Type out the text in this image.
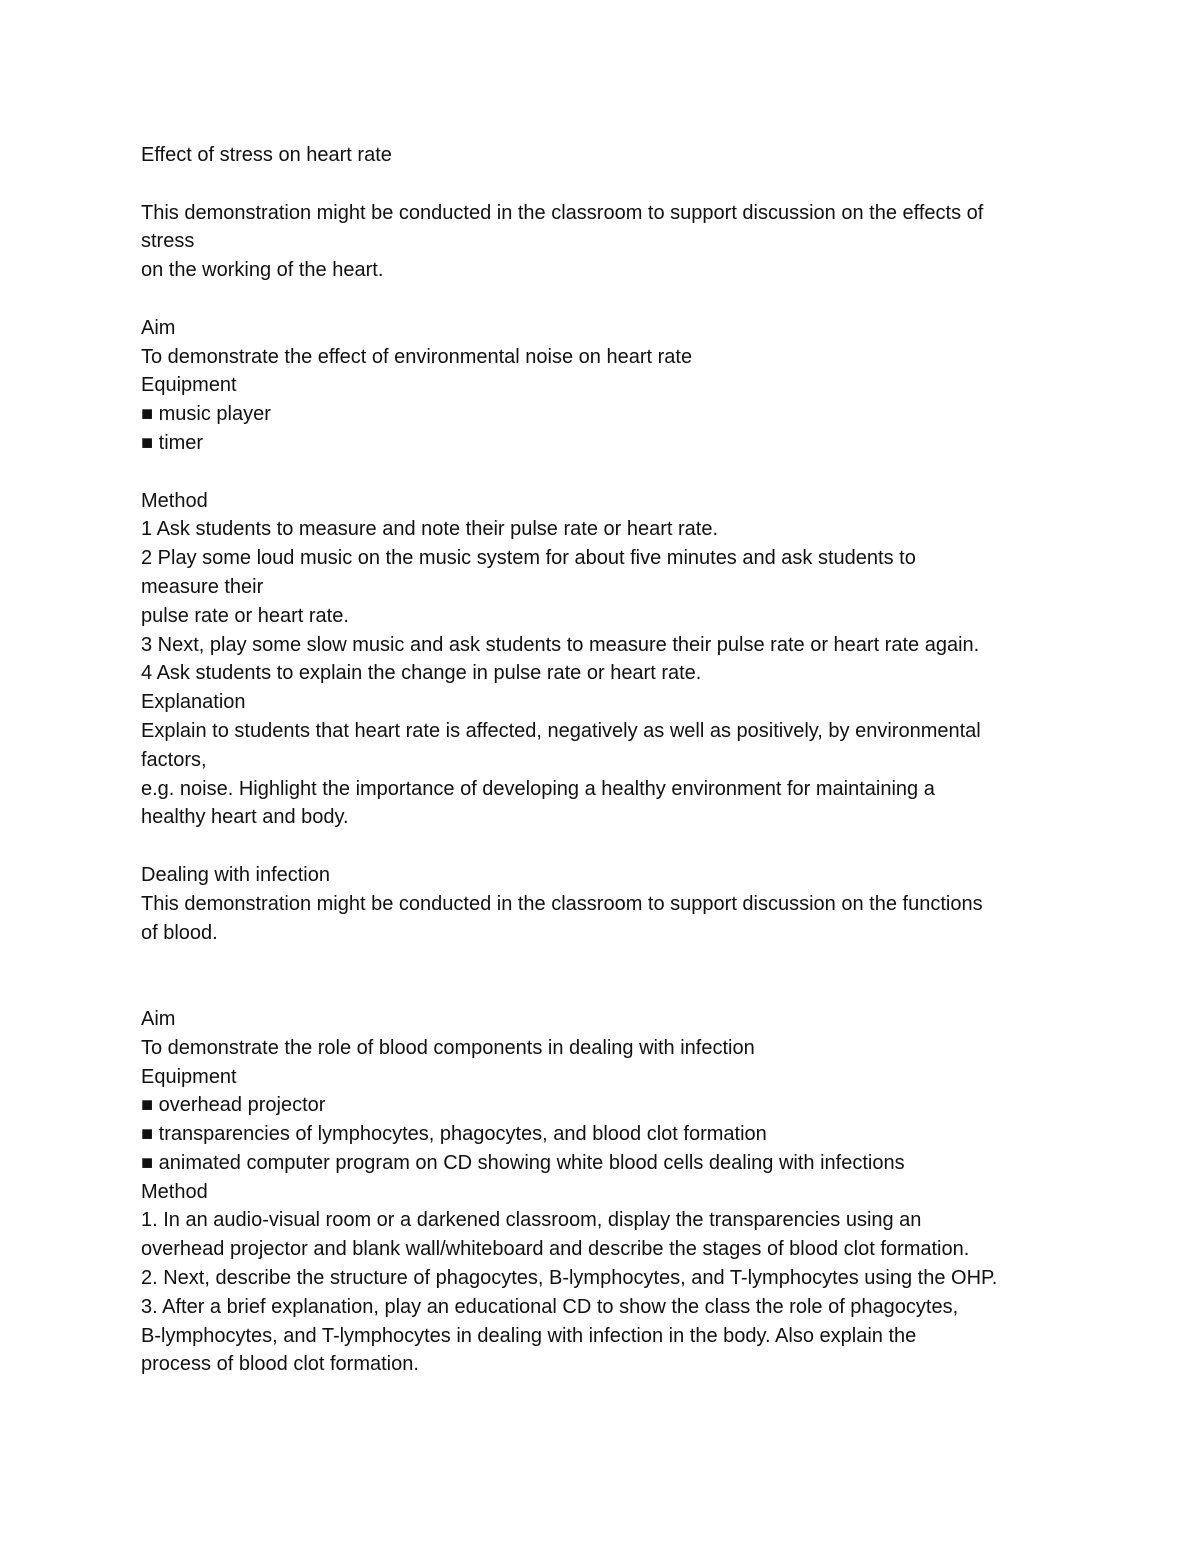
Effect of stress on heart rate

This demonstration might be conducted in the classroom to support discussion on the effects of

stress

on the working of the heart.

Aim

To demonstrate the effect of environmental noise on heart rate

Equipment

■ music player

■ timer

Method

1 Ask students to measure and note their pulse rate or heart rate.

2 Play some loud music on the music system for about five minutes and ask students to

measure their

pulse rate or heart rate.

3 Next, play some slow music and ask students to measure their pulse rate or heart rate again.

4 Ask students to explain the change in pulse rate or heart rate.

Explanation

Explain to students that heart rate is affected, negatively as well as positively, by environmental

factors,

e.g. noise. Highlight the importance of developing a healthy environment for maintaining a

healthy heart and body.

Dealing with infection

This demonstration might be conducted in the classroom to support discussion on the functions

of blood.

Aim

To demonstrate the role of blood components in dealing with infection

Equipment

■ overhead projector

■ transparencies of lymphocytes, phagocytes, and blood clot formation

■ animated computer program on CD showing white blood cells dealing with infections

Method

1. In an audio-visual room or a darkened classroom, display the transparencies using an

overhead projector and blank wall/whiteboard and describe the stages of blood clot formation.

2. Next, describe the structure of phagocytes, B-lymphocytes, and T-lymphocytes using the OHP.

3. After a brief explanation, play an educational CD to show the class the role of phagocytes,

B-lymphocytes, and T-lymphocytes in dealing with infection in the body. Also explain the

process of blood clot formation.
